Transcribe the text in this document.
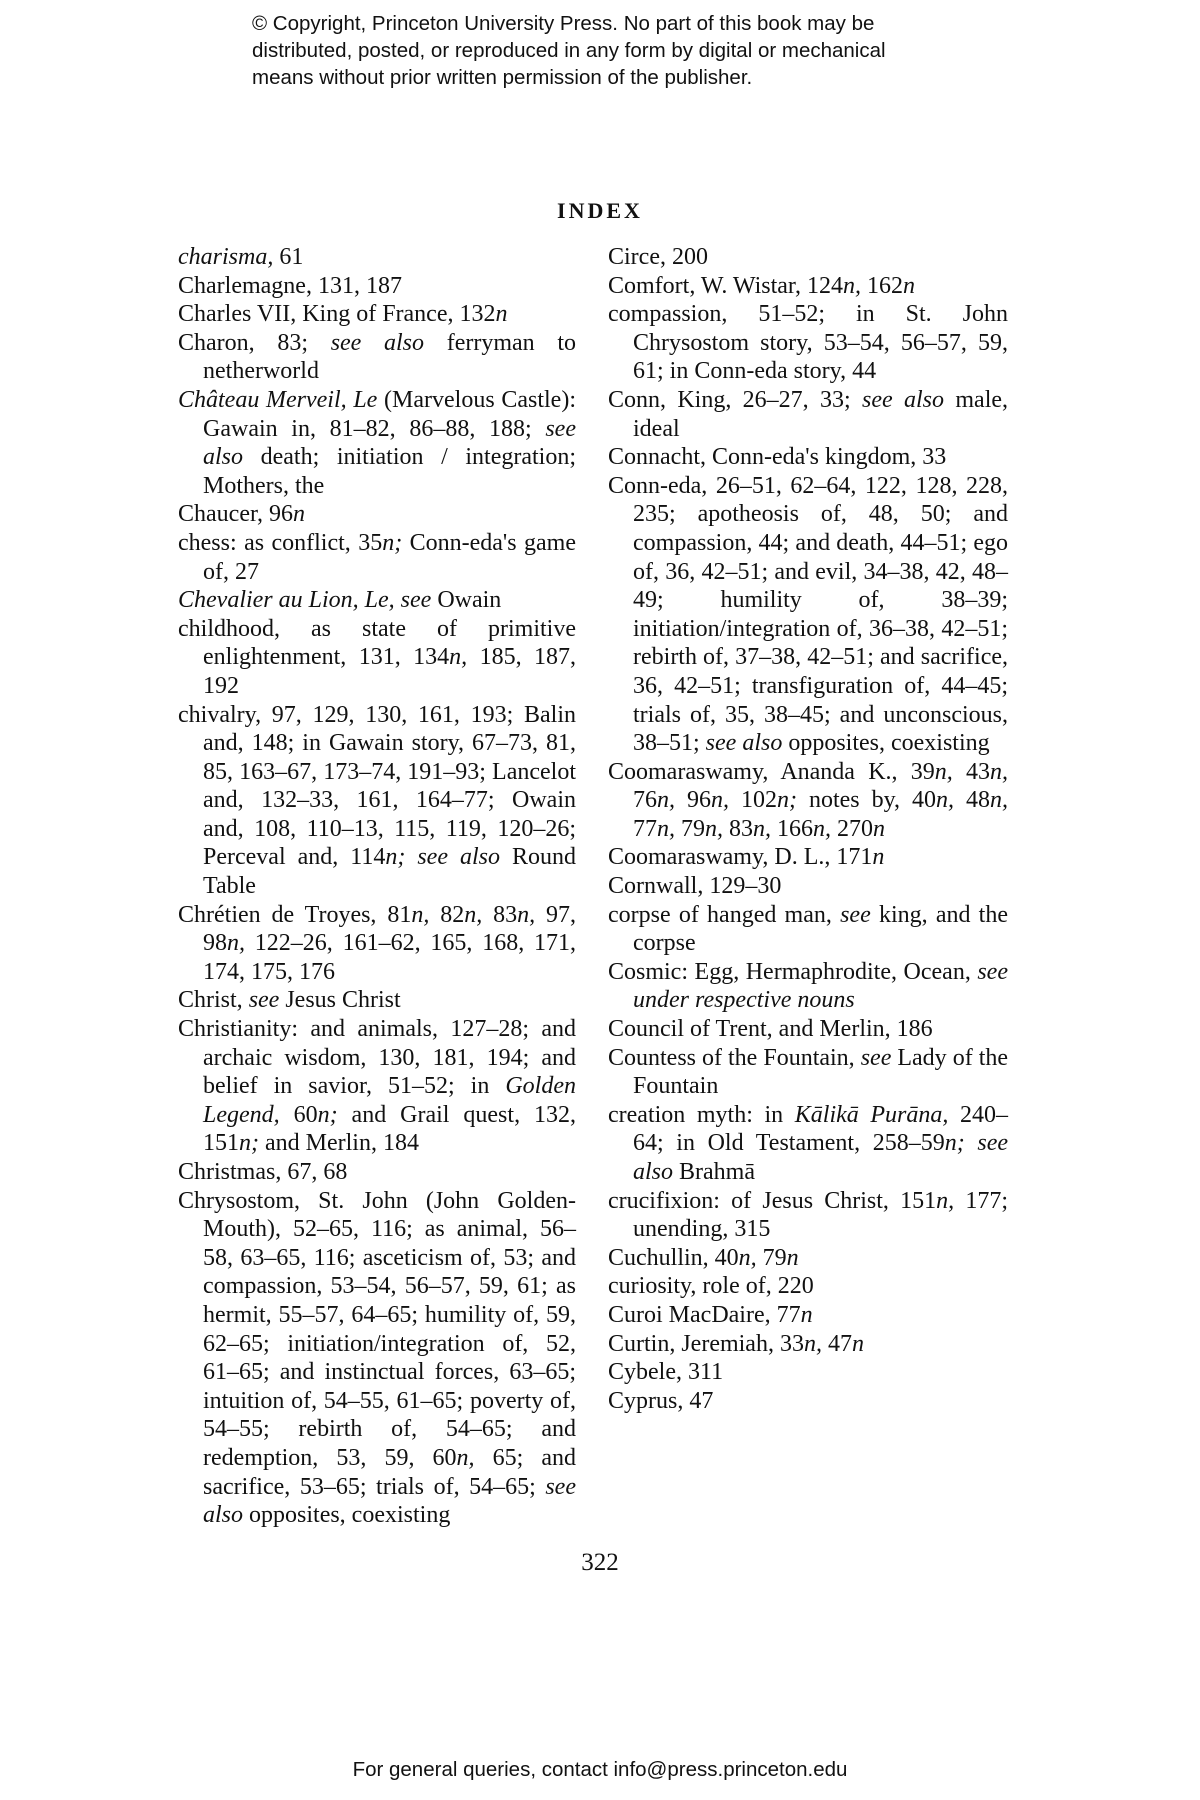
© Copyright, Princeton University Press. No part of this book may be
distributed, posted, or reproduced in any form by digital or mechanical
means without prior written permission of the publisher.
INDEX

charisma, 61

Charlemagne, 131, 187

Charles VII, King of France, 132n

Charon, 83; see also ferryman to netherworld

Château Merveil, Le (Marvelous Castle): Gawain in, 81–82, 86–88, 188; see also death; initiation / integration; Mothers, the

Chaucer, 96n

chess: as conflict, 35n; Conn-eda's game of, 27

Chevalier au Lion, Le, see Owain

childhood, as state of primitive enlightenment, 131, 134n, 185, 187, 192

chivalry, 97, 129, 130, 161, 193; Balin and, 148; in Gawain story, 67–73, 81, 85, 163–67, 173–74, 191–93; Lancelot and, 132–33, 161, 164–77; Owain and, 108, 110–13, 115, 119, 120–26; Perceval and, 114n; see also Round Table

Chrétien de Troyes, 81n, 82n, 83n, 97, 98n, 122–26, 161–62, 165, 168, 171, 174, 175, 176

Christ, see Jesus Christ

Christianity: and animals, 127–28; and archaic wisdom, 130, 181, 194; and belief in savior, 51–52; in Golden Legend, 60n; and Grail quest, 132, 151n; and Merlin, 184

Christmas, 67, 68

Chrysostom, St. John (John Golden-Mouth), 52–65, 116; as animal, 56–58, 63–65, 116; asceticism of, 53; and compassion, 53–54, 56–57, 59, 61; as hermit, 55–57, 64–65; humility of, 59, 62–65; initiation/integration of, 52, 61–65; and instinctual forces, 63–65; intuition of, 54–55, 61–65; poverty of, 54–55; rebirth of, 54–65; and redemption, 53, 59, 60n, 65; and sacrifice, 53–65; trials of, 54–65; see also opposites, coexisting

Circe, 200

Comfort, W. Wistar, 124n, 162n

compassion, 51–52; in St. John Chrysostom story, 53–54, 56–57, 59, 61; in Conn-eda story, 44

Conn, King, 26–27, 33; see also male, ideal

Connacht, Conn-eda's kingdom, 33

Conn-eda, 26–51, 62–64, 122, 128, 228, 235; apotheosis of, 48, 50; and compassion, 44; and death, 44–51; ego of, 36, 42–51; and evil, 34–38, 42, 48–49; humility of, 38–39; initiation/integration of, 36–38, 42–51; rebirth of, 37–38, 42–51; and sacrifice, 36, 42–51; transfiguration of, 44–45; trials of, 35, 38–45; and unconscious, 38–51; see also opposites, coexisting

Coomaraswamy, Ananda K., 39n, 43n, 76n, 96n, 102n; notes by, 40n, 48n, 77n, 79n, 83n, 166n, 270n

Coomaraswamy, D. L., 171n

Cornwall, 129–30

corpse of hanged man, see king, and the corpse

Cosmic: Egg, Hermaphrodite, Ocean, see under respective nouns

Council of Trent, and Merlin, 186

Countess of the Fountain, see Lady of the Fountain

creation myth: in Kālikā Purāna, 240–64; in Old Testament, 258–59n; see also Brahmā

crucifixion: of Jesus Christ, 151n, 177; unending, 315

Cuchullin, 40n, 79n

curiosity, role of, 220

Curoi MacDaire, 77n

Curtin, Jeremiah, 33n, 47n

Cybele, 311

Cyprus, 47

322
For general queries, contact info@press.princeton.edu
